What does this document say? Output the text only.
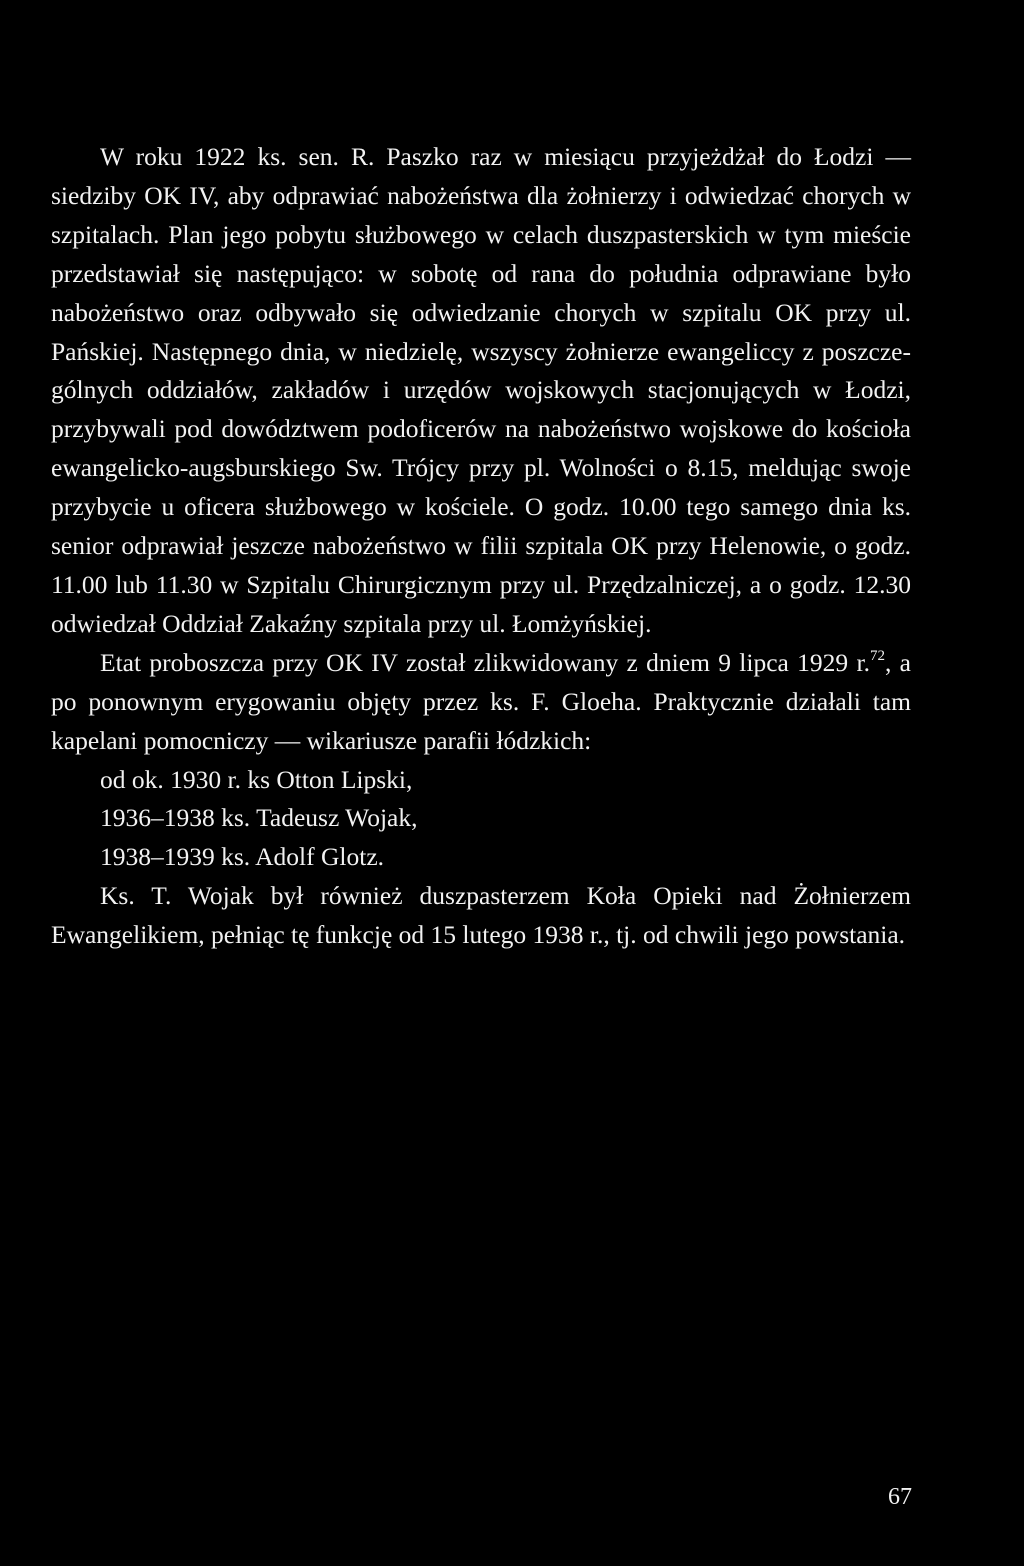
W roku 1922 ks. sen. R. Paszko raz w miesiącu przyjeżdżał do Łodzi — siedziby OK IV, aby odprawiać nabożeństwa dla żołnierzy i odwiedzać chorych w szpitalach. Plan jego pobytu służbowego w celach duszpasterskich w tym mieście przedstawiał się następująco: w sobotę od rana do południa odprawiane było nabożeństwo oraz odbywało się odwiedzanie chorych w szpitalu OK przy ul. Pańskiej. Następnego dnia, w niedzielę, wszyscy żołnierze ewangeliccy z poszczególnych oddziałów, zakładów i urzędów wojskowych stacjonujących w Łodzi, przybywali pod dowództwem podoficerów na nabożeństwo wojskowe do kościoła ewangelicko-augsburskiego Sw. Trójcy przy pl. Wolności o 8.15, meldując swoje przybycie u oficera służbowego w kościele. O godz. 10.00 tego samego dnia ks. senior odprawiał jeszcze nabożeństwo w filii szpitala OK przy Helenowie, o godz. 11.00 lub 11.30 w Szpitalu Chirurgicznym przy ul. Przędzalniczej, a o godz. 12.30 odwiedzał Oddział Zakaźny szpitala przy ul. Łomżyńskiej.

Etat proboszcza przy OK IV został zlikwidowany z dniem 9 lipca 1929 r.$^{72}$, a po ponownym erygowaniu objęty przez ks. F. Gloeha. Praktycznie działali tam kapelani pomocniczy — wikariusze parafii łódzkich:

od ok. 1930 r. ks Otton Lipski,
1936–1938 ks. Tadeusz Wojak,
1938–1939 ks. Adolf Glotz.

Ks. T. Wojak był również duszpasterzem Koła Opieki nad Żołnierzem Ewangelikiem, pełniąc tę funkcję od 15 lutego 1938 r., tj. od chwili jego powstania.

67
